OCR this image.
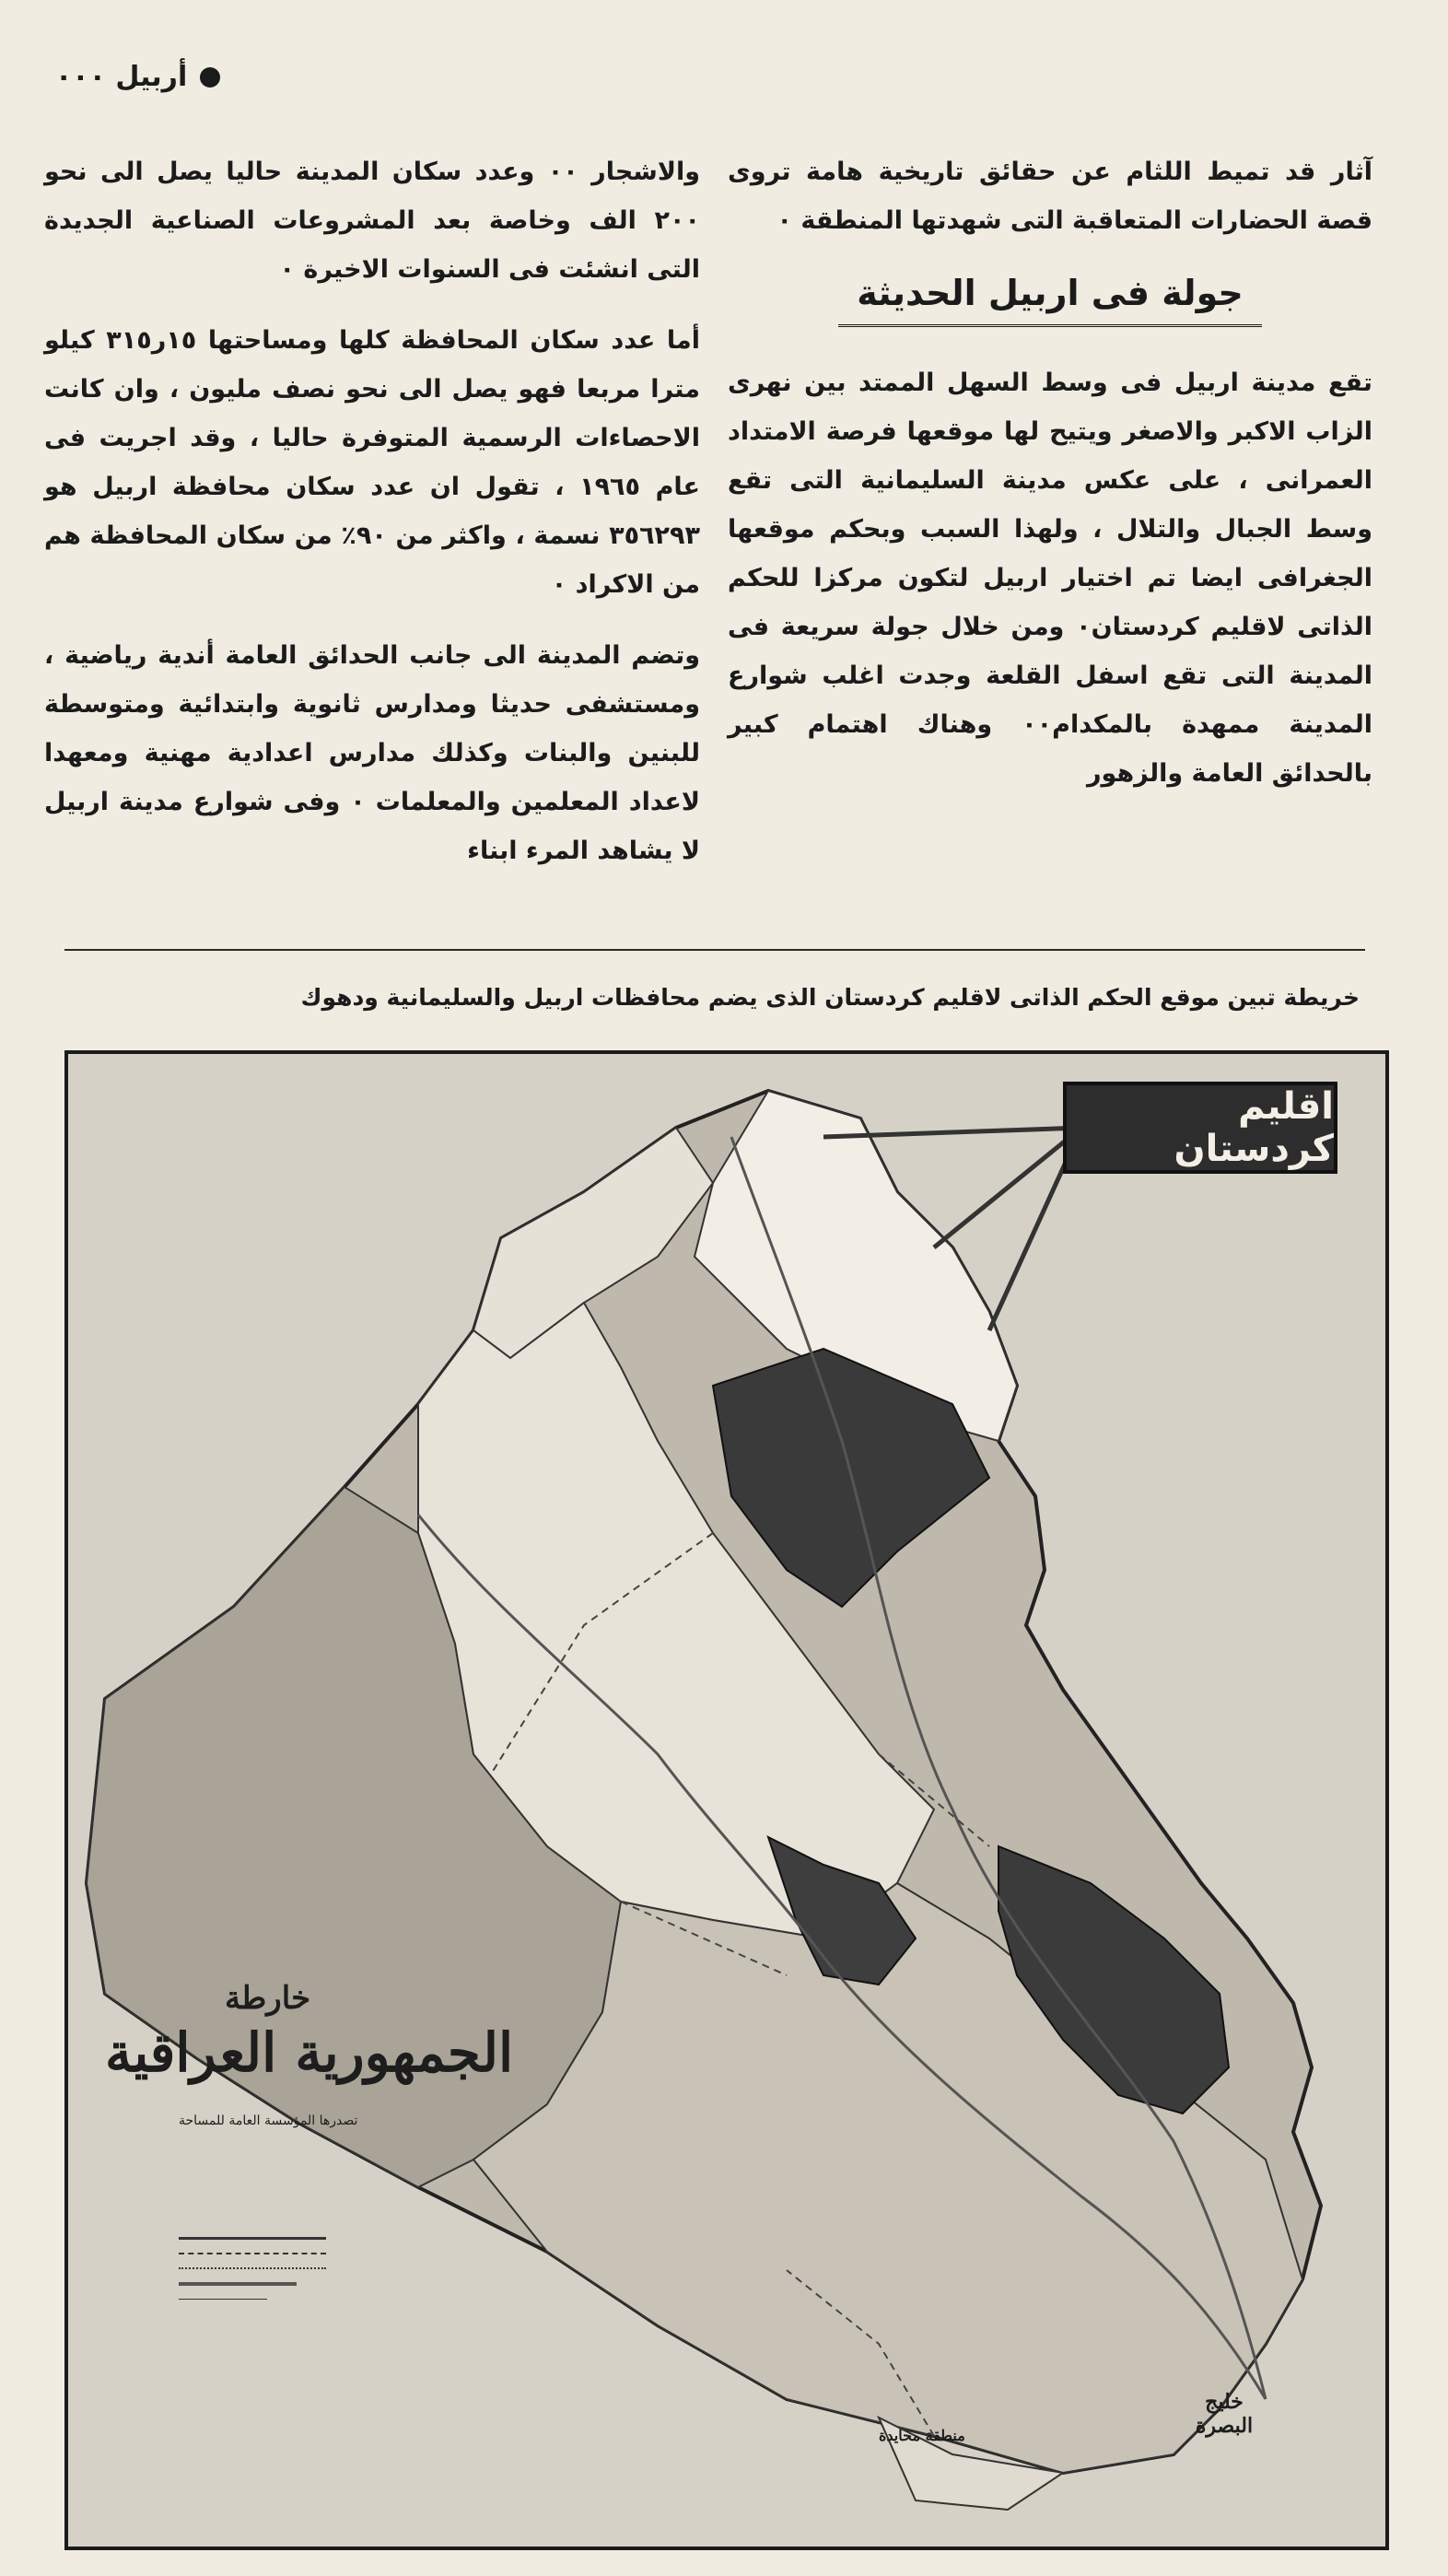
أربيل ٠٠٠

آثار قد تميط اللثام عن حقائق تاريخية هامة تروى قصة الحضارات المتعاقبة التى شهدتها المنطقة ٠

جولة فى اربيل الحديثة

تقع مدينة اربيل فى وسط السهل الممتد بين نهرى الزاب الاكبر والاصغر ويتيح لها موقعها فرصة الامتداد العمرانى ، على عكس مدينة السليمانية التى تقع وسط الجبال والتلال ، ولهذا السبب وبحكم موقعها الجغرافى ايضا تم اختيار اربيل لتكون مركزا للحكم الذاتى لاقليم كردستان٠ ومن خلال جولة سريعة فى المدينة التى تقع اسفل القلعة وجدت اغلب شوارع المدينة ممهدة بالمكدام٠٠ وهناك اهتمام كبير بالحدائق العامة والزهور

والاشجار ٠٠ وعدد سكان المدينة حاليا يصل الى نحو ٢٠٠ الف وخاصة بعد المشروعات الصناعية الجديدة التى انشئت فى السنوات الاخيرة ٠

أما عدد سكان المحافظة كلها ومساحتها ١٥ر٣١٥ كيلو مترا مربعا فهو يصل الى نحو نصف مليون ، وان كانت الاحصاءات الرسمية المتوفرة حاليا ، وقد اجريت فى عام ١٩٦٥ ، تقول ان عدد سكان محافظة اربيل هو ٣٥٦٢٩٣ نسمة ، واكثر من ٩٠٪ من سكان المحافظة هم من الاكراد ٠

وتضم المدينة الى جانب الحدائق العامة أندية رياضية ، ومستشفى حديثا ومدارس ثانوية وابتدائية ومتوسطة للبنين والبنات وكذلك مدارس اعدادية مهنية ومعهدا لاعداد المعلمين والمعلمات ٠ وفى شوارع مدينة اربيل لا يشاهد المرء ابناء

خريطة تبين موقع الحكم الذاتى لاقليم كردستان الذى يضم محافظات اربيل والسليمانية ودهوك
اقليم كردستان
خارطة
الجمهورية العراقية
تصدرها المؤسسة العامة للمساحة
خليج البصرة
منطقة محايدة
